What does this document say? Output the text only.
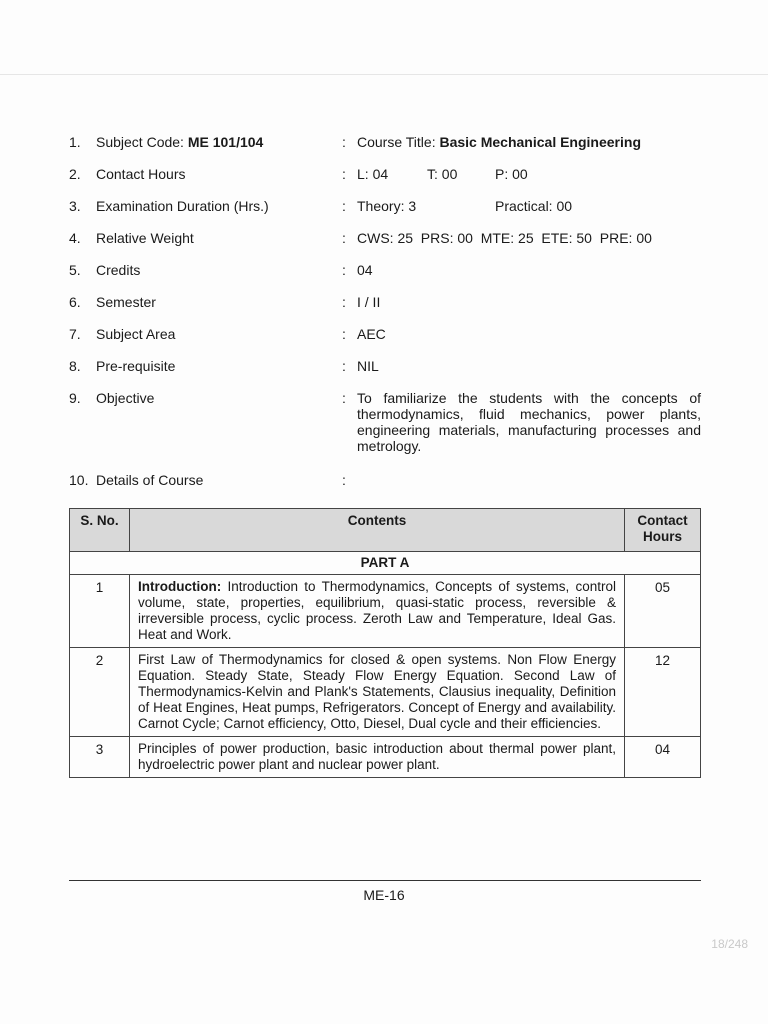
1.	Subject Code: ME 101/104	: Course Title: Basic Mechanical Engineering
2.	Contact Hours	: L: 04	T: 00	P: 00
3.	Examination Duration (Hrs.)	: Theory: 3	Practical: 00
4.	Relative Weight	: CWS: 25  PRS: 00  MTE: 25  ETE: 50  PRE: 00
5.	Credits	: 04
6.	Semester	: I / II
7.	Subject Area	: AEC
8.	Pre-requisite	: NIL
9.	Objective	: To familiarize the students with the concepts of thermodynamics, fluid mechanics, power plants, engineering materials, manufacturing processes and metrology.
10. Details of Course	:
S. No.	Contents	Contact Hours
PART A		
1	Introduction: Introduction to Thermodynamics, Concepts of systems, control volume, state, properties, equilibrium, quasi-static process, reversible & irreversible process, cyclic process. Zeroth Law and Temperature, Ideal Gas. Heat and Work.	05
2	First Law of Thermodynamics for closed & open systems. Non Flow Energy Equation. Steady State, Steady Flow Energy Equation. Second Law of Thermodynamics-Kelvin and Plank's Statements, Clausius inequality, Definition of Heat Engines, Heat pumps, Refrigerators. Concept of Energy and availability. Carnot Cycle; Carnot efficiency, Otto, Diesel, Dual cycle and their efficiencies.	12
3	Principles of power production, basic introduction about thermal power plant, hydroelectric power plant and nuclear power plant.	04
ME-16
18/248
